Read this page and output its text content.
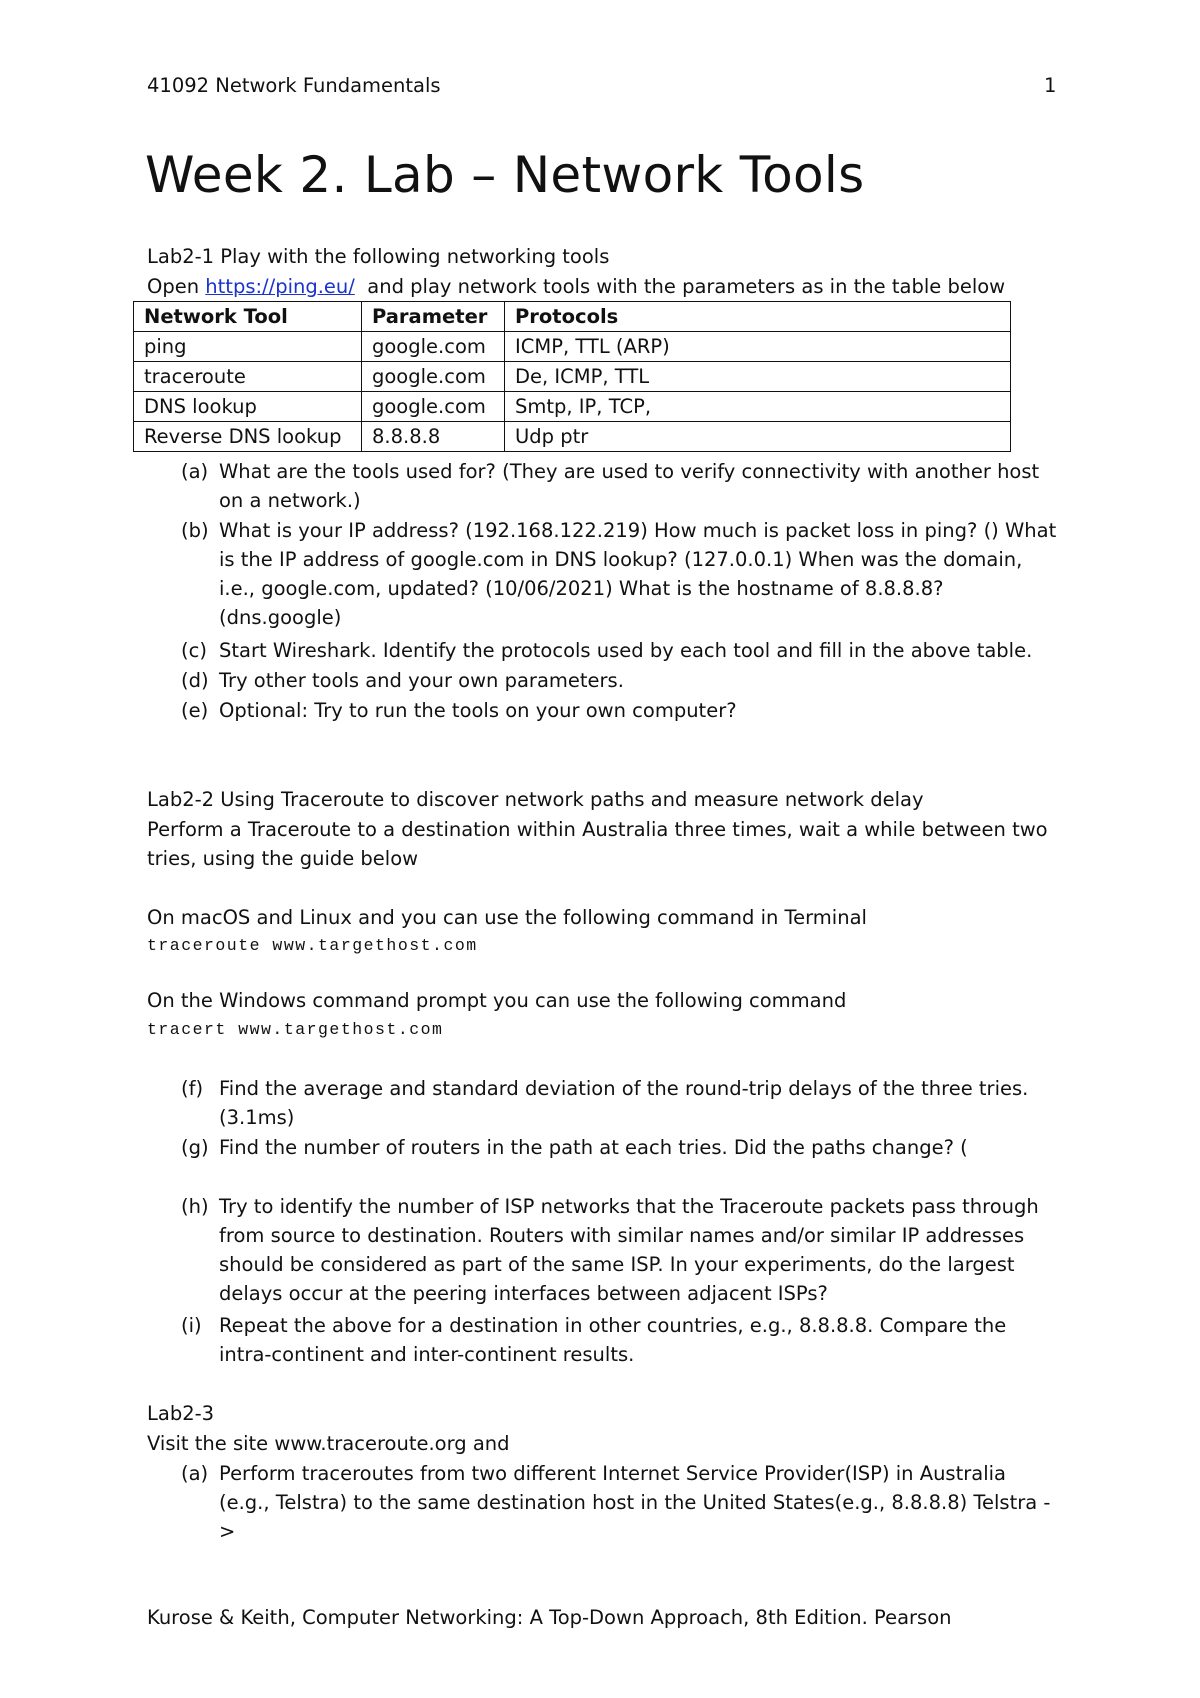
41092 Network Fundamentals	1
Week 2. Lab – Network Tools
Lab2-1 Play with the following networking tools
Open https://ping.eu/ and play network tools with the parameters as in the table below
Network Tool	Parameter	Protocols
ping	google.com	ICMP, TTL (ARP)
traceroute	google.com	De, ICMP, TTL
DNS lookup	google.com	Smtp, IP, TCP,
Reverse DNS lookup	8.8.8.8	Udp ptr
(a) What are the tools used for? (They are used to verify connectivity with another host on a network.)
(b) What is your IP address? (192.168.122.219) How much is packet loss in ping? () What is the IP address of google.com in DNS lookup? (127.0.0.1) When was the domain, i.e., google.com, updated? (10/06/2021) What is the hostname of 8.8.8.8? (dns.google)
(c) Start Wireshark. Identify the protocols used by each tool and fill in the above table.
(d) Try other tools and your own parameters.
(e) Optional: Try to run the tools on your own computer?
Lab2-2 Using Traceroute to discover network paths and measure network delay
Perform a Traceroute to a destination within Australia three times, wait a while between two
tries, using the guide below
On macOS and Linux and you can use the following command in Terminal
traceroute www.targethost.com
On the Windows command prompt you can use the following command
tracert www.targethost.com
(f) Find the average and standard deviation of the round-trip delays of the three tries. (3.1ms)
(g) Find the number of routers in the path at each tries. Did the paths change? (
(h) Try to identify the number of ISP networks that the Traceroute packets pass through from source to destination. Routers with similar names and/or similar IP addresses should be considered as part of the same ISP. In your experiments, do the largest delays occur at the peering interfaces between adjacent ISPs?
(i) Repeat the above for a destination in other countries, e.g., 8.8.8.8. Compare the intra-continent and inter-continent results.
Lab2-3
Visit the site www.traceroute.org and
(a) Perform traceroutes from two different Internet Service Provider(ISP) in Australia (e.g., Telstra) to the same destination host in the United States(e.g., 8.8.8.8) Telstra ->
Kurose & Keith, Computer Networking: A Top-Down Approach, 8th Edition. Pearson
